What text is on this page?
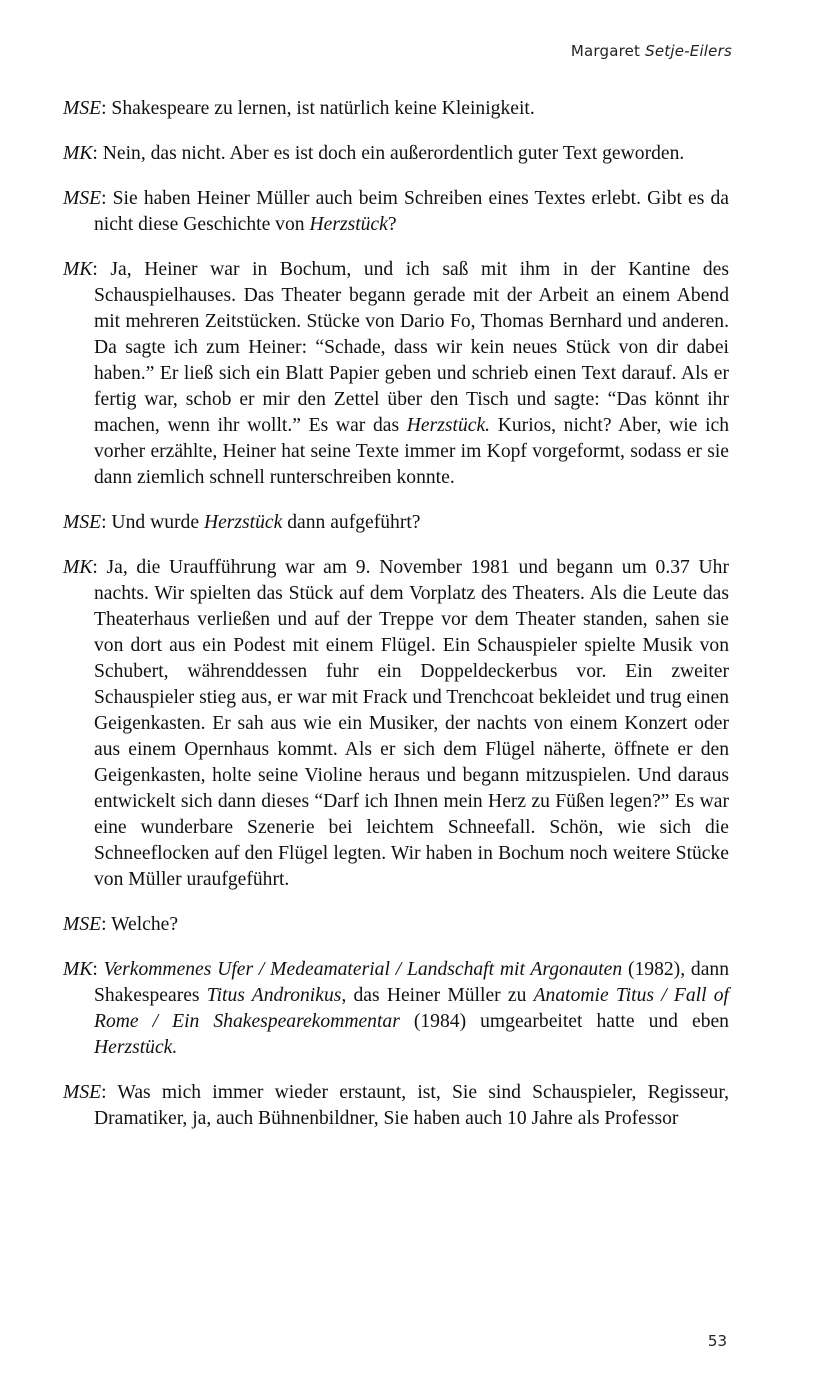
Margaret Setje-Eilers

MSE: Shakespeare zu lernen, ist natürlich keine Kleinigkeit.

MK: Nein, das nicht. Aber es ist doch ein außerordentlich guter Text geworden.

MSE: Sie haben Heiner Müller auch beim Schreiben eines Textes erlebt. Gibt es da nicht diese Geschichte von Herzstück?

MK: Ja, Heiner war in Bochum, und ich saß mit ihm in der Kantine des Schauspielhauses. Das Theater begann gerade mit der Arbeit an einem Abend mit mehreren Zeitstücken. Stücke von Dario Fo, Thomas Bernhard und anderen. Da sagte ich zum Heiner: “Schade, dass wir kein neues Stück von dir dabei haben.” Er ließ sich ein Blatt Papier geben und schrieb einen Text darauf. Als er fertig war, schob er mir den Zettel über den Tisch und sagte: “Das könnt ihr machen, wenn ihr wollt.” Es war das Herzstück. Kurios, nicht? Aber, wie ich vorher erzählte, Heiner hat seine Texte immer im Kopf vorgeformt, sodass er sie dann ziemlich schnell runterschreiben konnte.

MSE: Und wurde Herzstück dann aufgeführt?

MK: Ja, die Uraufführung war am 9. November 1981 und begann um 0.37 Uhr nachts. Wir spielten das Stück auf dem Vorplatz des Theaters. Als die Leute das Theaterhaus verließen und auf der Treppe vor dem Theater standen, sahen sie von dort aus ein Podest mit einem Flügel. Ein Schauspieler spielte Musik von Schubert, währenddessen fuhr ein Doppeldeckerbus vor. Ein zweiter Schauspieler stieg aus, er war mit Frack und Trenchcoat bekleidet und trug einen Geigenkasten. Er sah aus wie ein Musiker, der nachts von einem Konzert oder aus einem Opernhaus kommt. Als er sich dem Flügel näherte, öffnete er den Geigenkasten, holte seine Violine heraus und begann mitzuspielen. Und daraus entwickelt sich dann dieses “Darf ich Ihnen mein Herz zu Füßen legen?” Es war eine wunderbare Szenerie bei leichtem Schneefall. Schön, wie sich die Schneeflocken auf den Flügel legten. Wir haben in Bochum noch weitere Stücke von Müller uraufgeführt.

MSE: Welche?

MK: Verkommenes Ufer / Medeamaterial / Landschaft mit Argonauten (1982), dann Shakespeares Titus Andronikus, das Heiner Müller zu Anatomie Titus / Fall of Rome / Ein Shakespearekommentar (1984) umgearbeitet hatte und eben Herzstück.

MSE: Was mich immer wieder erstaunt, ist, Sie sind Schauspieler, Regisseur, Dramatiker, ja, auch Bühnenbildner, Sie haben auch 10 Jahre als Professor

53
